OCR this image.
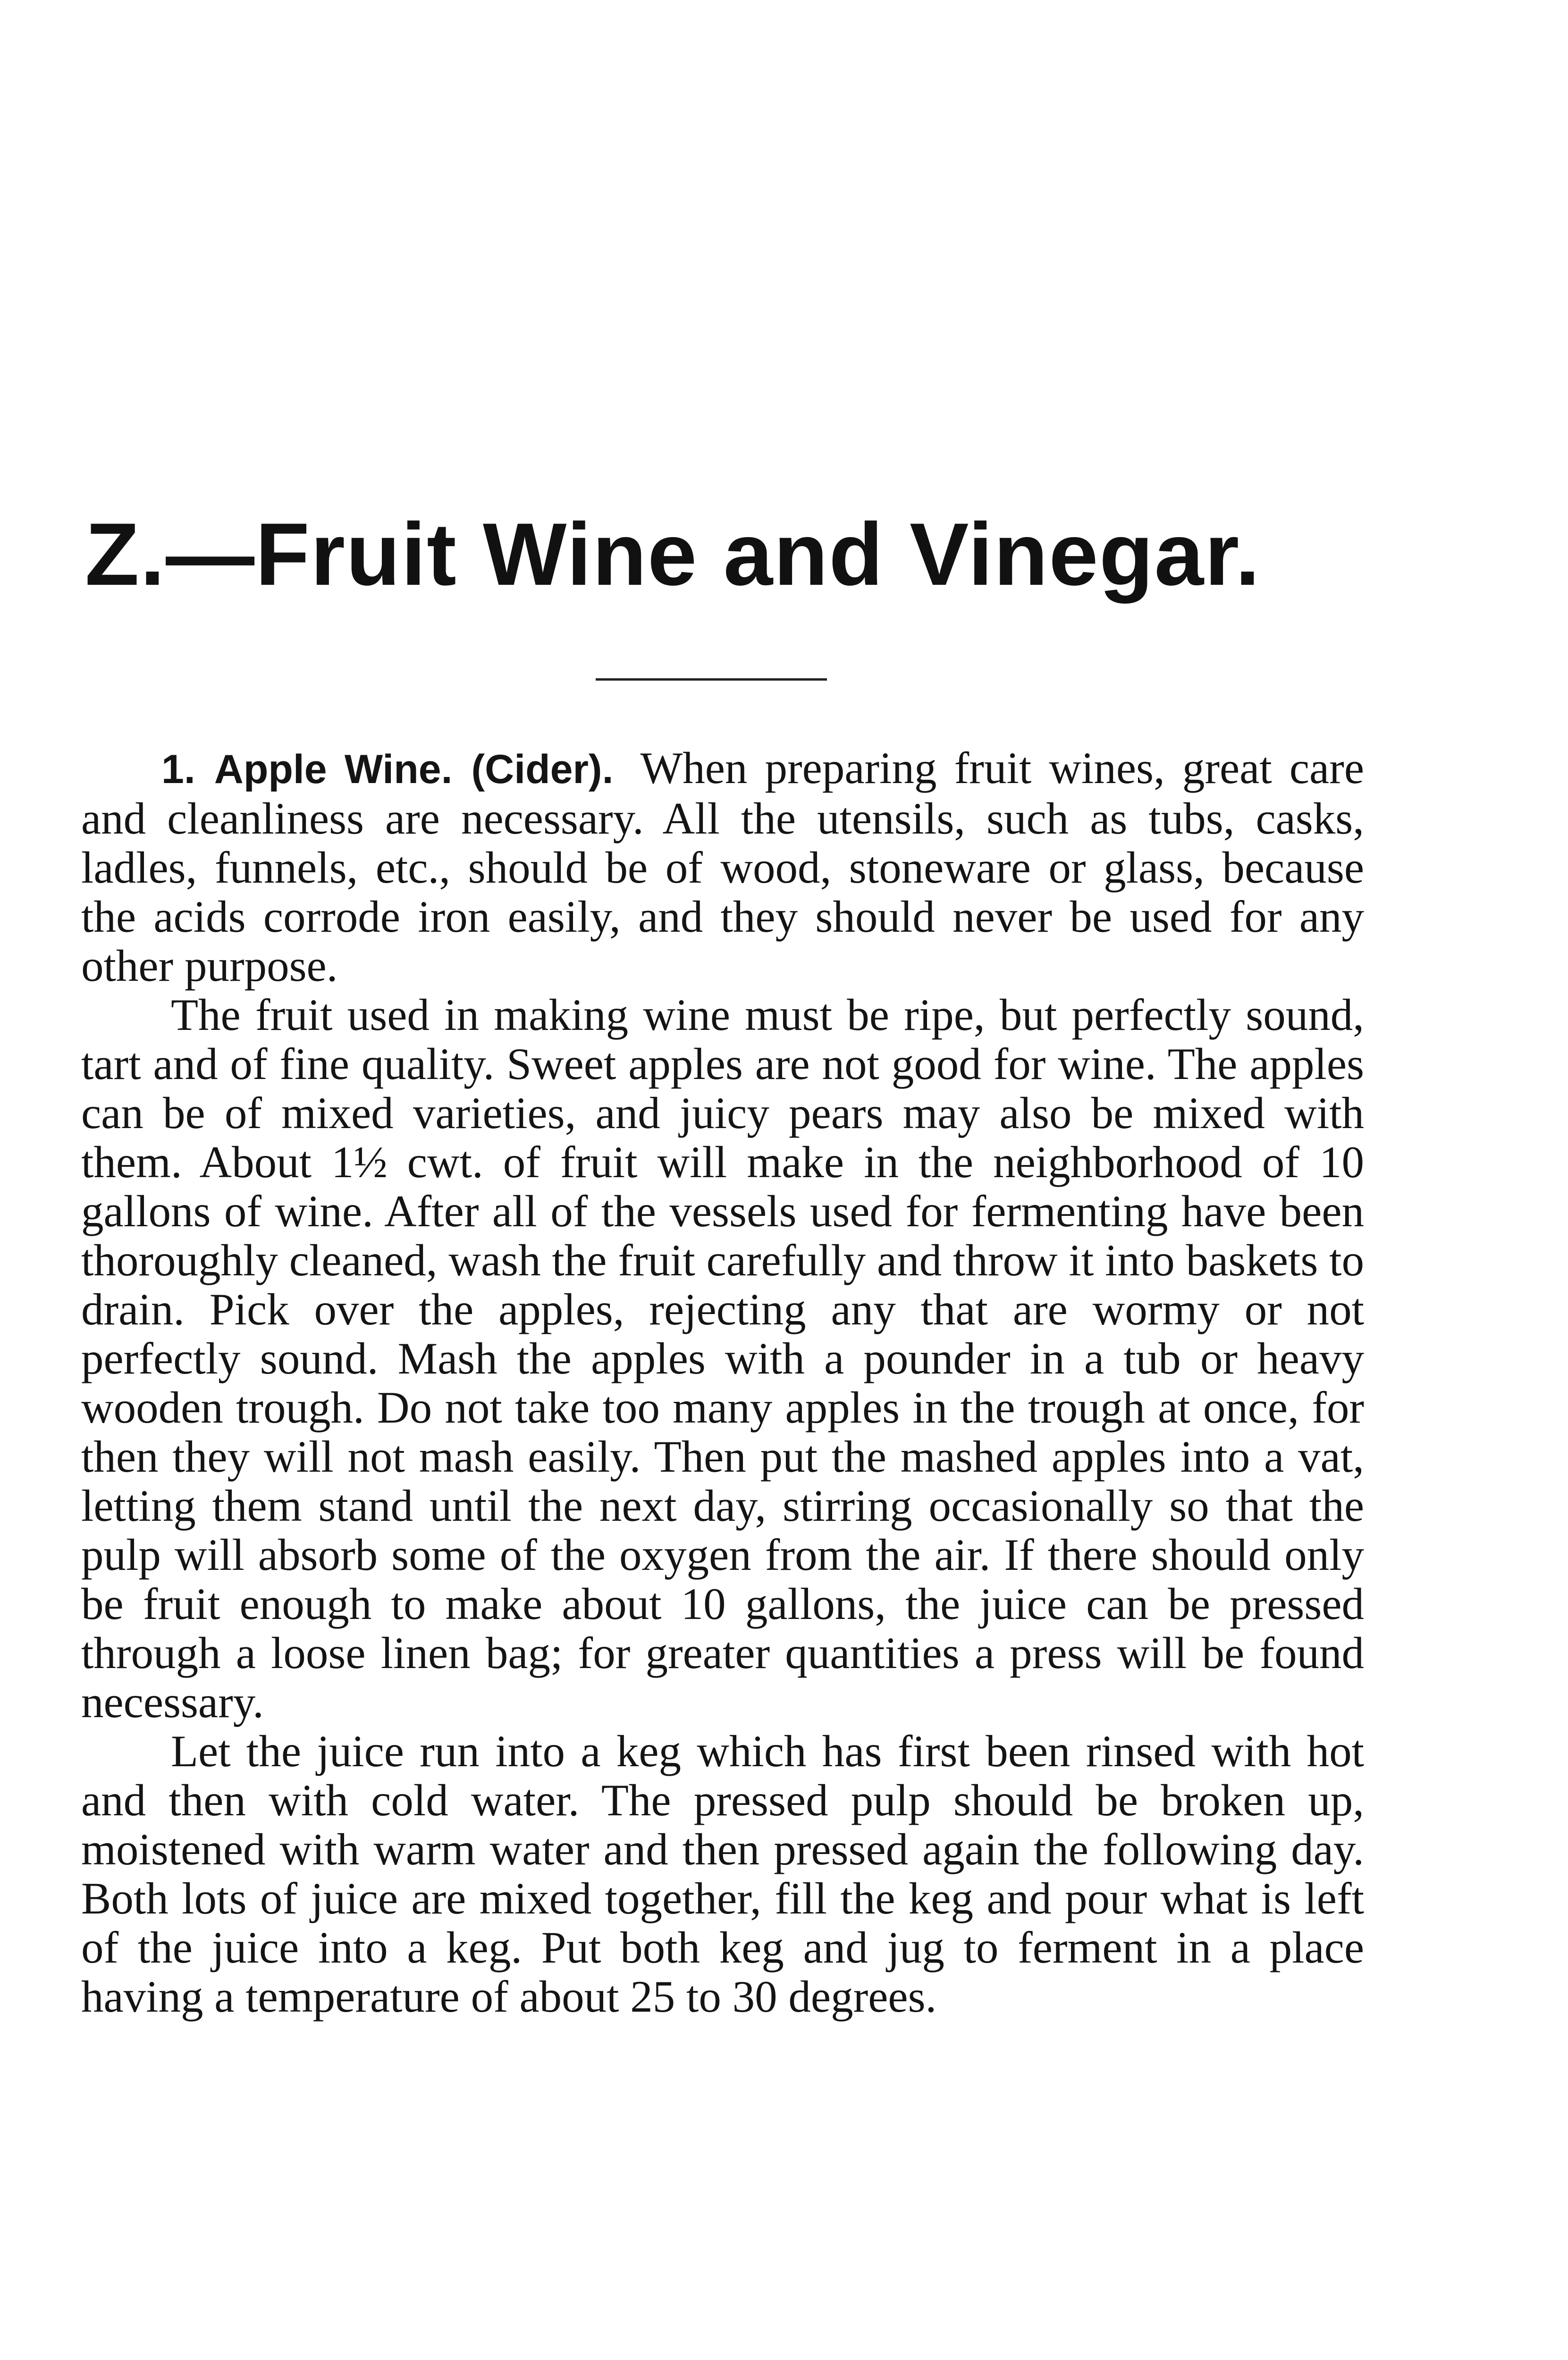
Z.—Fruit Wine and Vinegar.

1. Apple Wine. (Cider). When preparing fruit wines, great care and cleanliness are necessary. All the utensils, such as tubs, casks, ladles, funnels, etc., should be of wood, stoneware or glass, because the acids corrode iron easily, and they should never be used for any other purpose.

The fruit used in making wine must be ripe, but perfectly sound, tart and of fine quality. Sweet apples are not good for wine. The apples can be of mixed varieties, and juicy pears may also be mixed with them. About 1½ cwt. of fruit will make in the neighborhood of 10 gallons of wine. After all of the vessels used for fermenting have been thoroughly cleaned, wash the fruit carefully and throw it into baskets to drain. Pick over the apples, rejecting any that are wormy or not perfectly sound. Mash the apples with a pounder in a tub or heavy wooden trough. Do not take too many apples in the trough at once, for then they will not mash easily. Then put the mashed apples into a vat, letting them stand until the next day, stirring occasionally so that the pulp will absorb some of the oxygen from the air. If there should only be fruit enough to make about 10 gallons, the juice can be pressed through a loose linen bag; for greater quantities a press will be found necessary.

Let the juice run into a keg which has first been rinsed with hot and then with cold water. The pressed pulp should be broken up, moistened with warm water and then pressed again the following day. Both lots of juice are mixed together, fill the keg and pour what is left of the juice into a keg. Put both keg and jug to ferment in a place having a temperature of about 25 to 30 degrees.
